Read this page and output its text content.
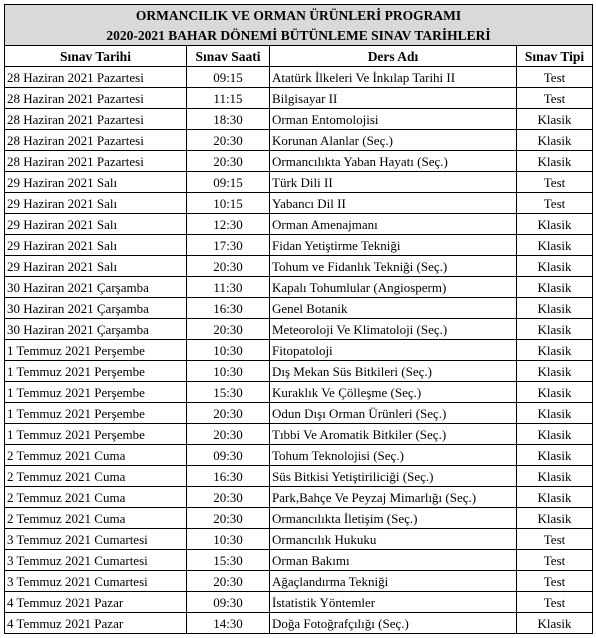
ORMANCILIK VE ORMAN ÜRÜNLERİ PROGRAMI			
2020-2021 BAHAR DÖNEMİ BÜTÜNLEME SINAV TARİHLERİ			
Sınav Tarihi	Sınav Saati	Ders Adı	Sınav Tipi
28 Haziran 2021 Pazartesi	09:15	Atatürk İlkeleri Ve İnkılap Tarihi II	Test
28 Haziran 2021 Pazartesi	11:15	Bilgisayar II	Test
28 Haziran 2021 Pazartesi	18:30	Orman Entomolojisi	Klasik
28 Haziran 2021 Pazartesi	20:30	Korunan Alanlar (Seç.)	Klasik
28 Haziran 2021 Pazartesi	20:30	Ormancılıkta Yaban Hayatı (Seç.)	Klasik
29 Haziran 2021 Salı	09:15	Türk Dili II	Test
29 Haziran 2021 Salı	10:15	Yabancı Dil II	Test
29 Haziran 2021 Salı	12:30	Orman Amenajmanı	Klasik
29 Haziran 2021 Salı	17:30	Fidan Yetiştirme Tekniği	Klasik
29 Haziran 2021 Salı	20:30	Tohum ve Fidanlık Tekniği (Seç.)	Klasik
30 Haziran 2021 Çarşamba	11:30	Kapalı Tohumlular (Angiosperm)	Klasik
30 Haziran 2021 Çarşamba	16:30	Genel Botanik	Klasik
30 Haziran 2021 Çarşamba	20:30	Meteoroloji Ve Klimatoloji (Seç.)	Klasik
1 Temmuz 2021 Perşembe	10:30	Fitopatoloji	Klasik
1 Temmuz 2021 Perşembe	10:30	Dış Mekan Süs Bitkileri (Seç.)	Klasik
1 Temmuz 2021 Perşembe	15:30	Kuraklık Ve Çölleşme (Seç.)	Klasik
1 Temmuz 2021 Perşembe	20:30	Odun Dışı Orman Ürünleri (Seç.)	Klasik
1 Temmuz 2021 Perşembe	20:30	Tıbbi Ve Aromatik Bitkiler (Seç.)	Klasik
2 Temmuz 2021 Cuma	09:30	Tohum Teknolojisi (Seç.)	Klasik
2 Temmuz 2021 Cuma	16:30	Süs Bitkisi Yetiştiriliciği (Seç.)	Klasik
2 Temmuz 2021 Cuma	20:30	Park,Bahçe Ve Peyzaj Mimarlığı (Seç.)	Klasik
2 Temmuz 2021 Cuma	20:30	Ormancılıkta İletişim (Seç.)	Klasik
3 Temmuz 2021 Cumartesi	10:30	Ormancılık Hukuku	Test
3 Temmuz 2021 Cumartesi	15:30	Orman Bakımı	Test
3 Temmuz 2021 Cumartesi	20:30	Ağaçlandırma Tekniği	Test
4 Temmuz 2021 Pazar	09:30	İstatistik Yöntemler	Test
4 Temmuz 2021 Pazar	14:30	Doğa Fotoğrafçılığı (Seç.)	Klasik
